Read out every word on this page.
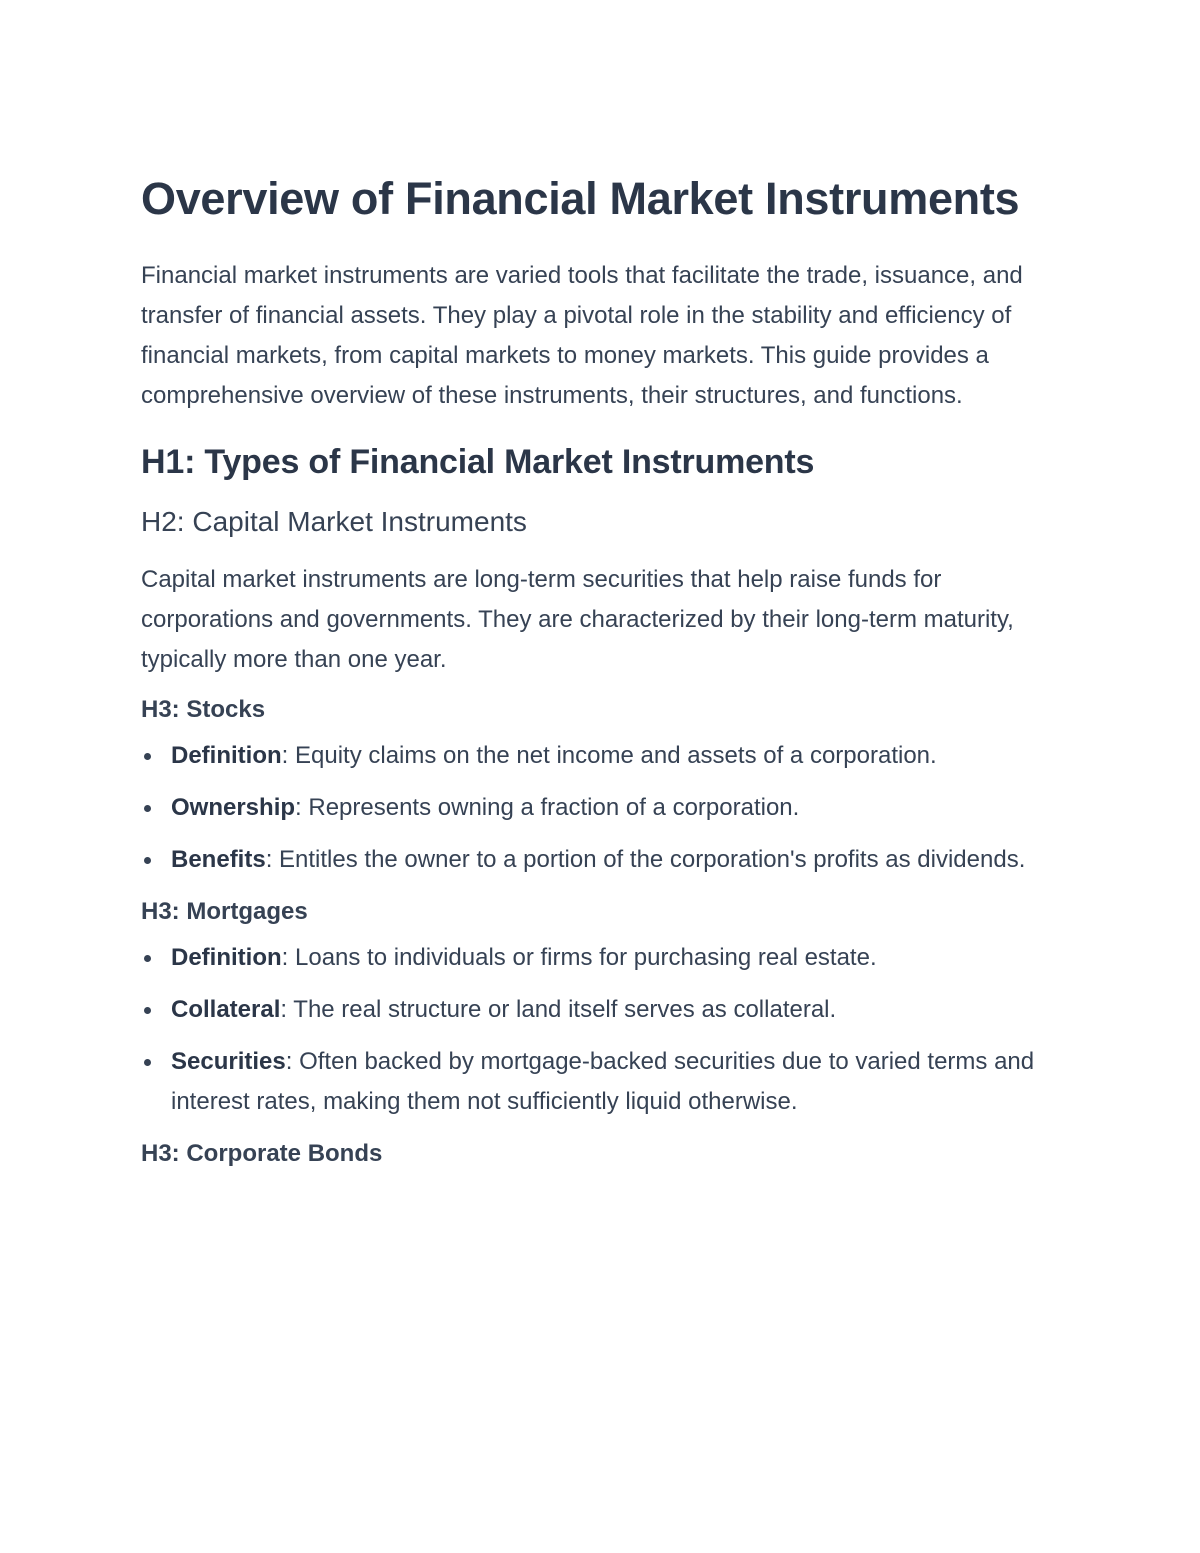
Overview of Financial Market Instruments

Financial market instruments are varied tools that facilitate the trade, issuance, and transfer of financial assets. They play a pivotal role in the stability and efficiency of financial markets, from capital markets to money markets. This guide provides a comprehensive overview of these instruments, their structures, and functions.

H1: Types of Financial Market Instruments
H2: Capital Market Instruments

Capital market instruments are long-term securities that help raise funds for corporations and governments. They are characterized by their long-term maturity, typically more than one year.

H3: Stocks
Definition: Equity claims on the net income and assets of a corporation.
Ownership: Represents owning a fraction of a corporation.
Benefits: Entitles the owner to a portion of the corporation's profits as dividends.
H3: Mortgages
Definition: Loans to individuals or firms for purchasing real estate.
Collateral: The real structure or land itself serves as collateral.
Securities: Often backed by mortgage-backed securities due to varied terms and interest rates, making them not sufficiently liquid otherwise.
H3: Corporate Bonds
